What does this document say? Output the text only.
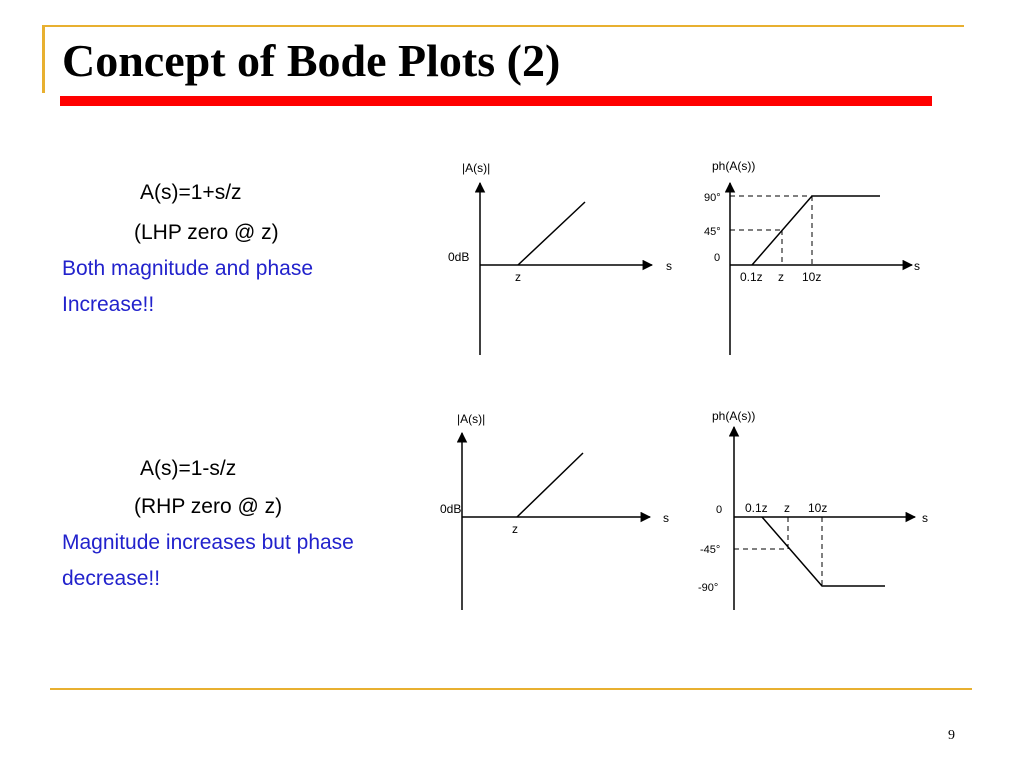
Concept of Bode Plots (2)
A(s)=1+s/z
(LHP zero @ z)
Both magnitude and phase
Increase!!
A(s)=1-s/z
(RHP zero @ z)
Magnitude increases but phase
decrease!!
|A(s)|
s
0dB
z
ph(A(s))
s
90°
45°
0
0.1z z 10z
|A(s)|
s
0dB
z
ph(A(s))
s
0
-45°
-90°
0.1z z 10z
9
